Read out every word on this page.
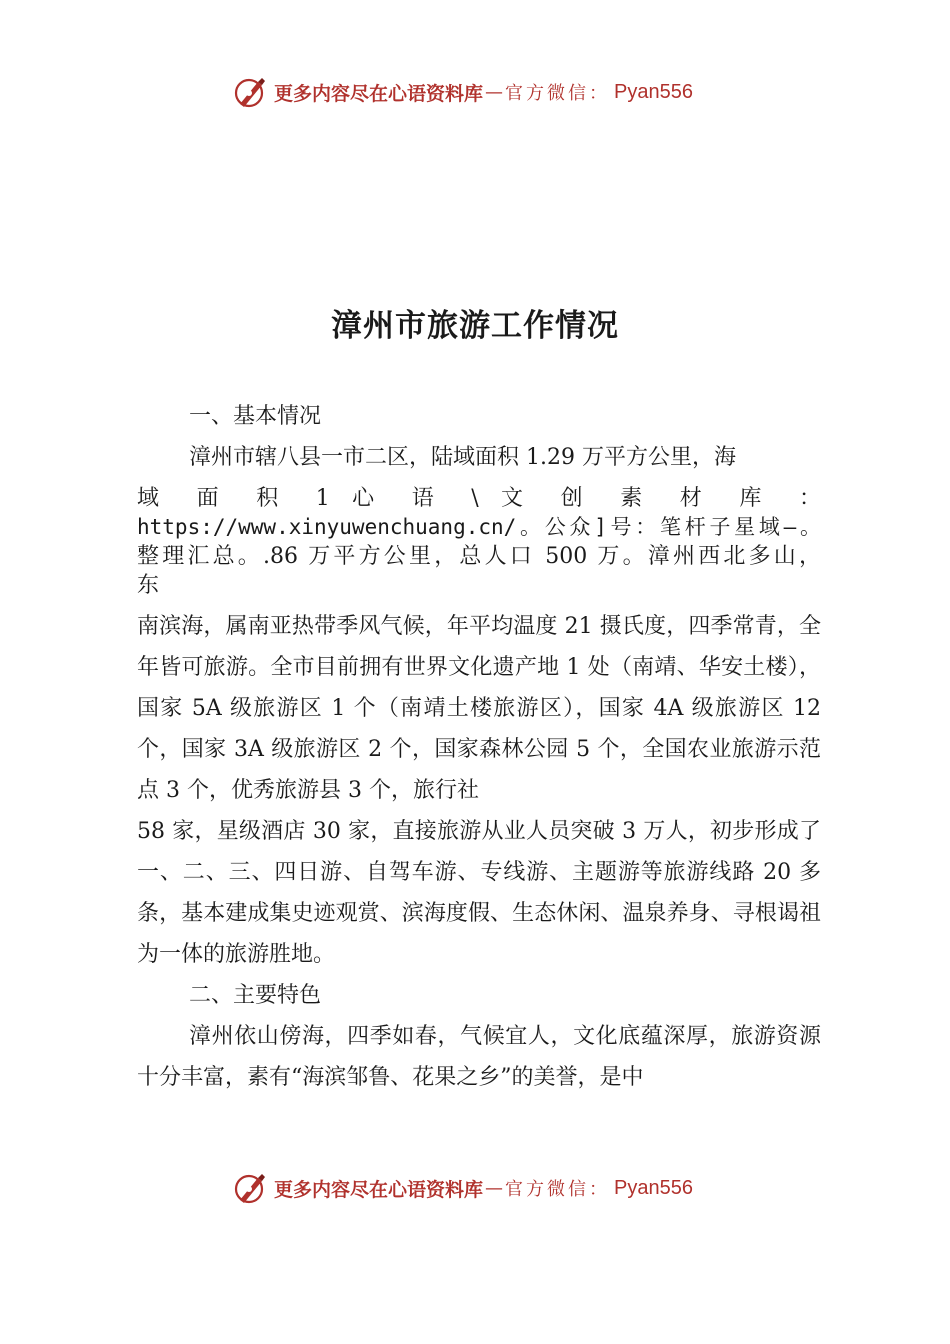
更多内容尽在心语资料库 — 官方微信： Pyan556
漳州市旅游工作情况

一、基本情况

漳州市辖八县一市二区，陆域面积 1.29 万平方公里，海

域 面 积 1 心 语 \ 文 创 素 材 库 ：
https://www.xinyuwenchuang.cn/。公众]号：笔杆子星域—。
整理汇总。.86 万平方公里，总人口 500 万。漳州西北多山，

东

南滨海，属南亚热带季风气候，年平均温度 21 摄氏度，四季常青，全年皆可旅游。全市目前拥有世界文化遗产地 1 处（南靖、华安土楼），国家 5A 级旅游区 1 个（南靖土楼旅游区），国家 4A 级旅游区 12 个，国家 3A 级旅游区 2 个，国家森林公园 5 个，全国农业旅游示范点 3 个，优秀旅游县 3 个，旅行社

58 家，星级酒店 30 家，直接旅游从业人员突破 3 万人，初步形成了一、二、三、四日游、自驾车游、专线游、主题游等旅游线路 20 多条，基本建成集史迹观赏、滨海度假、生态休闲、温泉养身、寻根谒祖为一体的旅游胜地。

二、主要特色

漳州依山傍海，四季如春，气候宜人，文化底蕴深厚，旅游资源十分丰富，素有“海滨邹鲁、花果之乡”的美誉，是中

更多内容尽在心语资料库 — 官方微信： Pyan556
